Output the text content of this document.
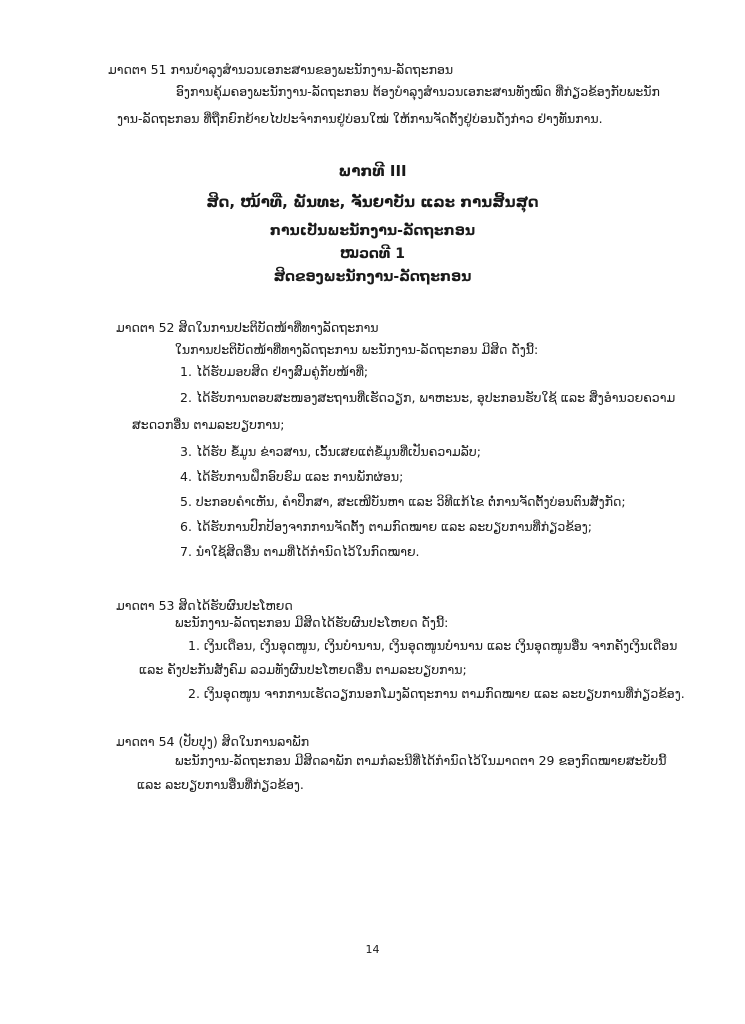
ມາດຕາ 51 ການບຳລຸງສຳນວນເອກະສານຂອງພະນັກງານ-ລັດຖະກອນ
ອົງການຄຸ້ມຄອງພະນັກງານ-ລັດຖະກອນ ຕ້ອງບຳລຸງສຳນວນເອກະສານທັງໝົດ ທີ່ກ່ຽວຂ້ອງກັບພະນັກ
ງານ-ລັດຖະກອນ ທີ່ຖືກຍົກຍ້າຍໄປປະຈຳການຢູ່ບ່ອນໃໝ່ ໃຫ້ການຈັດຕັ້ງຢູ່ບ່ອນດັ່ງກ່າວ ຢ່າງທັນການ.
ພາກທີ III
ສິດ, ໜ້າທີ່, ພັນທະ, ຈັນຍາບັນ ແລະ ການສິ້ນສຸດ
ການເປັນພະນັກງານ-ລັດຖະກອນ
ໝວດທີ 1
ສິດຂອງພະນັກງານ-ລັດຖະກອນ
ມາດຕາ 52 ສິດໃນການປະຕິບັດໜ້າທີ່ທາງລັດຖະການ
ໃນການປະຕິບັດໜ້າທີ່ທາງລັດຖະການ ພະນັກງານ-ລັດຖະກອນ ມີສິດ ດັ່ງນີ້:
1. ໄດ້ຮັບມອບສິດ ຢ່າງສົມຄູ່ກັບໜ້າທີ່;
2. ໄດ້ຮັບການຕອບສະໜອງສະຖານທີ່ເຮັດວຽກ, ພາຫະນະ, ອຸປະກອນຮັບໃຊ້ ແລະ ສິ່ງອຳນວຍຄວາມ
ສະດວກອື່ນ ຕາມລະບຽບການ;
3. ໄດ້ຮັບ ຂໍ້ມູນ ຂ່າວສານ, ເວັ້ນເສຍແຕ່ຂໍ້ມູນທີ່ເປັນຄວາມລັບ;
4. ໄດ້ຮັບການຝຶກອົບຮົມ ແລະ ການພັກຜ່ອນ;
5. ປະກອບຄຳເຫັນ, ຄຳປຶກສາ, ສະເໜີບັນຫາ ແລະ ວິທີແກ້ໄຂ ຕໍ່ການຈັດຕັ້ງບ່ອນຕົນສັງກັດ;
6. ໄດ້ຮັບການປົກປ້ອງຈາກການຈັດຕັ້ງ ຕາມກົດໝາຍ ແລະ ລະບຽບການທີ່ກ່ຽວຂ້ອງ;
7. ນຳໃຊ້ສິດອື່ນ ຕາມທີ່ໄດ້ກຳນົດໄວ້ໃນກົດໝາຍ.
ມາດຕາ 53 ສິດໄດ້ຮັບຜົນປະໂຫຍດ
ພະນັກງານ-ລັດຖະກອນ ມີສິດໄດ້ຮັບຜົນປະໂຫຍດ ດັ່ງນີ້:
1. ເງິນເດືອນ, ເງິນອຸດໜູນ, ເງິນບຳນານ, ເງິນອຸດໜູນບຳນານ ແລະ ເງິນອຸດໜູນອື່ນ ຈາກຄັງເງິນເດືອນ
ແລະ ຄັງປະກັນສັງຄົມ ລວມທັງຜົນປະໂຫຍດອື່ນ ຕາມລະບຽບການ;
2. ເງິນອຸດໜູນ ຈາກການເຮັດວຽກນອກໂມງລັດຖະການ ຕາມກົດໝາຍ ແລະ ລະບຽບການທີ່ກ່ຽວຂ້ອງ.
ມາດຕາ 54 (ປັບປຸງ) ສິດໃນການລາພັກ
ພະນັກງານ-ລັດຖະກອນ ມີສິດລາພັກ ຕາມກໍລະນີທີ່ໄດ້ກຳນົດໄວ້ໃນມາດຕາ 29 ຂອງກົດໝາຍສະບັບນີ້
ແລະ ລະບຽບການອື່ນທີ່ກ່ຽວຂ້ອງ.
14
